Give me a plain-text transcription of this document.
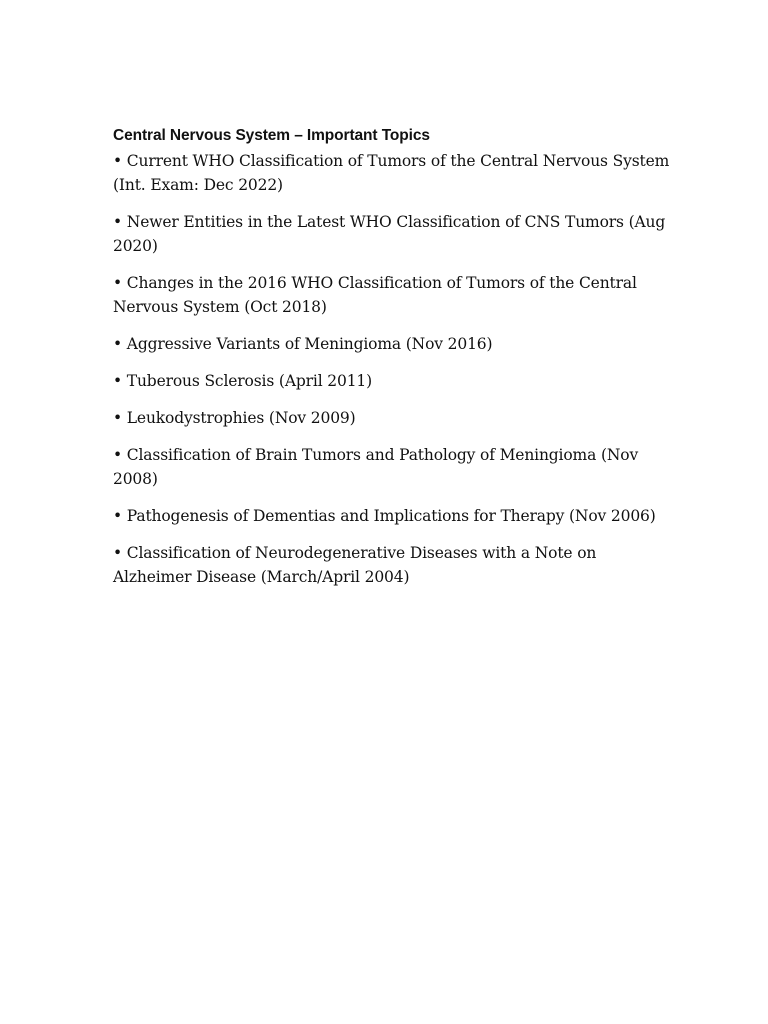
Central Nervous System – Important Topics
• Current WHO Classification of Tumors of the Central Nervous System (Int. Exam: Dec 2022)
• Newer Entities in the Latest WHO Classification of CNS Tumors (Aug 2020)
• Changes in the 2016 WHO Classification of Tumors of the Central Nervous System (Oct 2018)
• Aggressive Variants of Meningioma (Nov 2016)
• Tuberous Sclerosis (April 2011)
• Leukodystrophies (Nov 2009)
• Classification of Brain Tumors and Pathology of Meningioma (Nov 2008)
• Pathogenesis of Dementias and Implications for Therapy (Nov 2006)
• Classification of Neurodegenerative Diseases with a Note on Alzheimer Disease (March/April 2004)
